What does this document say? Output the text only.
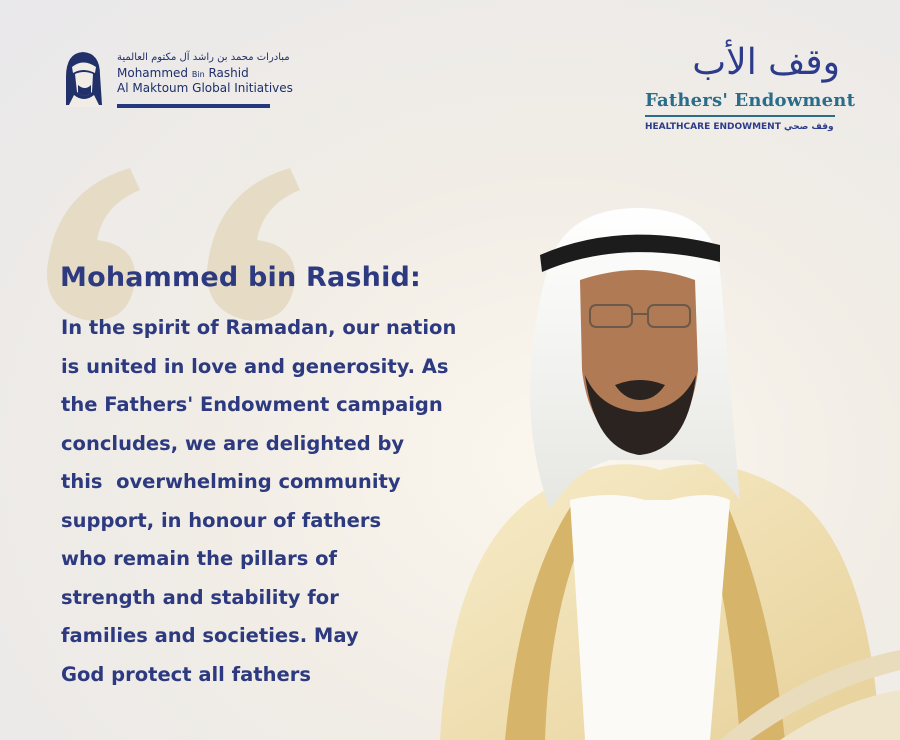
مبادرات محمد بن راشد آل مكتوم العالمية
Mohammed Bin Rashid
Al Maktoum Global Initiatives
وقف الأب
Fathers' Endowment
HEALTHCARE ENDOWMENT وقف صحي
Mohammed bin Rashid:
In the spirit of Ramadan, our nation
is united in love and generosity. As
the Fathers' Endowment campaign
concludes, we are delighted by
this  overwhelming community
support, in honour of fathers
who remain the pillars of
strength and stability for
families and societies. May
God protect all fathers
